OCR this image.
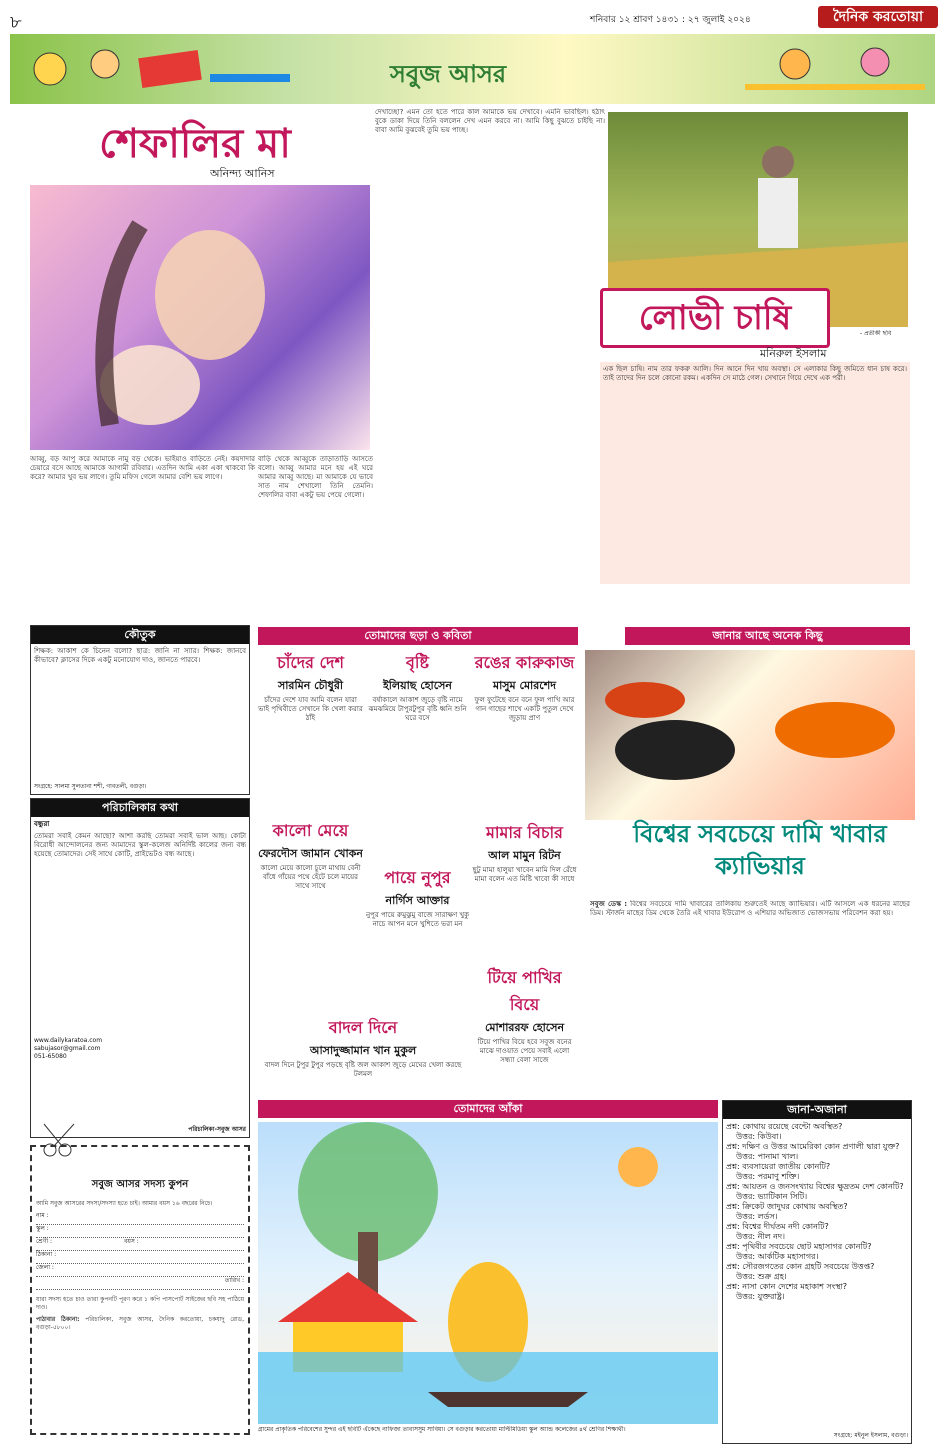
৮	শনিবার ১২ শ্রাবণ ১৪৩১ : ২৭ জুলাই ২০২৪	দৈনিক করতোয়া
সবুজ আসর
শেফালির মা
অনিন্দ্য আনিস
আব্বু, বড় আপু করে আমাকে নামু বড় থেকে। ভাইয়াও বাড়িতে নেই। কয়দাদার চেয়ারে বসে আছে আমাকে আগামী রবিবার। এতদিন আমি একা একা থাকবো কি করে? আমার খুব ভয় লাগে। তুমি মফিস গেলে আমার বেশি ভয় লাগে।
বাড়ি থেকে আব্বুকে তাড়াতাড়ি আসতে বলো। আব্বু আমার মনে হয় এই ঘরে আমার আব্বু আছে। মা আমাকে যে ভাবে সাত নাম শেখালো তিনি তেমনি। শেফালির বাবা একটু ভয় পেয়ে গেলো।
দেখাচ্ছো? এমন তো হতে পারে কাল আমাকে ভয় দেখাবে। এমনি ভাবছিল। হঠাৎ বুকে ডাকা দিয়ে তিনি বললেন দেখ এমন করবে না। আমি কিছু বুঝতে চাইছি না। বাবা আমি বুঝবেই তুমি ভয় পাচ্ছ।
- প্রতীকী ছবি
লোভী চাষি
মনিরুল ইসলাম
এক ছিল চাষি। নাম তার ফকরু আলি। দিন আনে দিন খায় অবস্থা। সে এলাকার কিছু জমিতে ধান চাষ করে। তাই তাদের দিন চলে কোনো রকম। একদিন সে মাঠে গেল। সেখানে গিয়ে দেখে এক পরী।
কৌতুক
শিক্ষক: আকাশ কে চিনেন বলো? ছাত্র: জানি না স্যার। শিক্ষক: জানবে কীভাবে? ক্লাসের দিকে একটু মনোযোগ দাও, জানতে পারবে।
সংগ্রহে: সালমা সুলতানা শশী, গাবতলী, বগুড়া।
পরিচালিকার কথা
বন্ধুরা
তোমরা সবাই কেমন আছো? আশা করছি তোমরা সবাই ভাল আছ। কোটা বিরোধী আন্দোলনের জন্য আমাদের স্কুল-কলেজ অনির্দিষ্ট কালের জন্য বন্ধ হয়েছে তোমাদের। সেই সাথে কোটি, প্রাইভেটও বন্ধ আছে।
www.dailykaratoa.com
sabujasor@gmail.com
051-65080
পরিচালিকা-সবুজ আসর
সবুজ আসর সদস্য কুপন
আমি সবুজ আসরের সদস্য/সদস্যা হতে চাই। আমার বয়স ১৬ বছরের নিচে।
নাম :
স্কুল :
শ্রেণী :	বয়স :
ঠিকানা :
জেলা :
তারিখ :
যারা সদস্য হতে চাও তারা কুপনটি পূরণ করে ১ কপি পাসপোর্ট সাইজের ছবি সহ পাঠিয়ে দাও।
পাঠাবার ঠিকানা: পরিচালিকা, সবুজ আসর, দৈনিক করতোয়া, চকযাদু রোড, বগুড়া-৫৮০০।
তোমাদের ছড়া ও কবিতা
চাঁদের দেশ
সারমিন চৌধুরী
চাঁদের দেশে যাব আমি বলেন যারা ভাই পৃথিবীতে সেখানে কি খেলা করার ঠাঁই
বৃষ্টি
ইলিয়াছ হোসেন
বর্ষাকালে আকাশ জুড়ে বৃষ্টি নামে ঝমঝমিয়ে টাপুরটুপুর বৃষ্টি ধ্বনি শুনি ঘরে বসে
রঙের কারুকাজ
মাসুম মোরশেদ
ফুল ফুটেছে বনে বনে ফুল পাখি আর গান গাছের শাখে একটি পুতুল দেখে জুড়ায় প্রাণ
কালো মেয়ে
ফেরদৌস জামান খোকন
কালো মেয়ে কালো চুলে মাথায় বেনী বাঁধে গাঁয়ের পথে হেঁটে চলে মায়ের সাথে সাথে	পায়ে নুপুর
নার্গিস আক্তার
নুপুর পায়ে রুমুঝুমু বাজে সারাক্ষণ খুকু নাচে আপন মনে খুশিতে ভরা মন
মামার বিচার
আল মামুন রিটন
ছুটু মামা হালুয়া খাবেন মামি দিল রেঁধে মামা বলেন এত মিষ্টি খাবো কী সাধে
বাদল দিনে
আসাদুজ্জামান খান মুকুল
বাদল দিনে টুপুর টুপুর পড়ছে বৃষ্টি জল আকাশ জুড়ে মেঘের খেলা করছে টলমল
টিয়ে পাখির বিয়ে
মোশাররফ হোসেন
টিয়ে পাখির বিয়ে হবে সবুজ বনের মাঝে দাওয়াত পেয়ে সবাই এলো সন্ধ্যা বেলা সাজে
তোমাদের আঁকা
গ্রামের প্রাকৃতিক পরিবেশের সুন্দর এই ছবিটি এঁকেছে নাফিজা তাবাসসুম সাবিয়া। সে বগুড়ার করতোয়া মাল্টিমিডিয়া স্কুল অ্যান্ড কলেজের ৪র্থ শ্রেণির শিক্ষার্থী।
জানার আছে অনেক কিছু
বিশ্বের সবচেয়ে দামি খাবার ক্যাভিয়ার
সবুজ ডেস্ক : বিশ্বের সবচেয়ে দামি খাবারের তালিকায় শুরুতেই আছে ক্যাভিয়ার। এটি আসলে এক ধরনের মাছের ডিম। স্টার্জন মাছের ডিম থেকে তৈরি এই খাবার ইউরোপ ও এশিয়ার অভিজাত ভোজসভায় পরিবেশন করা হয়।
জানা-অজানা
প্রশ্ন: কোথায় রয়েছে বেন্টো অবস্থিত?
উত্তর: কিউবা।
প্রশ্ন: দক্ষিণ ও উত্তর আমেরিকা কোন প্রণালী দ্বারা যুক্ত?
উত্তর: পানামা খাল।
প্রশ্ন: ব্যবসায়েরা জাতীয় কোনটি?
উত্তর: পরমাণু শক্তি।
প্রশ্ন: আয়তন ও জনসংখ্যায় বিশ্বের ক্ষুদ্রতম দেশ কোনটি?
উত্তর: ভ্যাটিকান সিটি।
প্রশ্ন: ক্রিকেট জাদুঘর কোথায় অবস্থিত?
উত্তর: লর্ডস।
প্রশ্ন: বিশ্বের দীর্ঘতম নদী কোনটি?
উত্তর: নীল নদ।
প্রশ্ন: পৃথিবীর সবচেয়ে ছোট মহাসাগর কোনটি?
উত্তর: আর্কটিক মহাসাগর।
প্রশ্ন: সৌরজগতের কোন গ্রহটি সবচেয়ে উত্তপ্ত?
উত্তর: শুক্র গ্রহ।
প্রশ্ন: নাসা কোন দেশের মহাকাশ সংস্থা?
উত্তর: যুক্তরাষ্ট্র।
সংগ্রহে: মইনুল ইসলাম, বগুড়া।
